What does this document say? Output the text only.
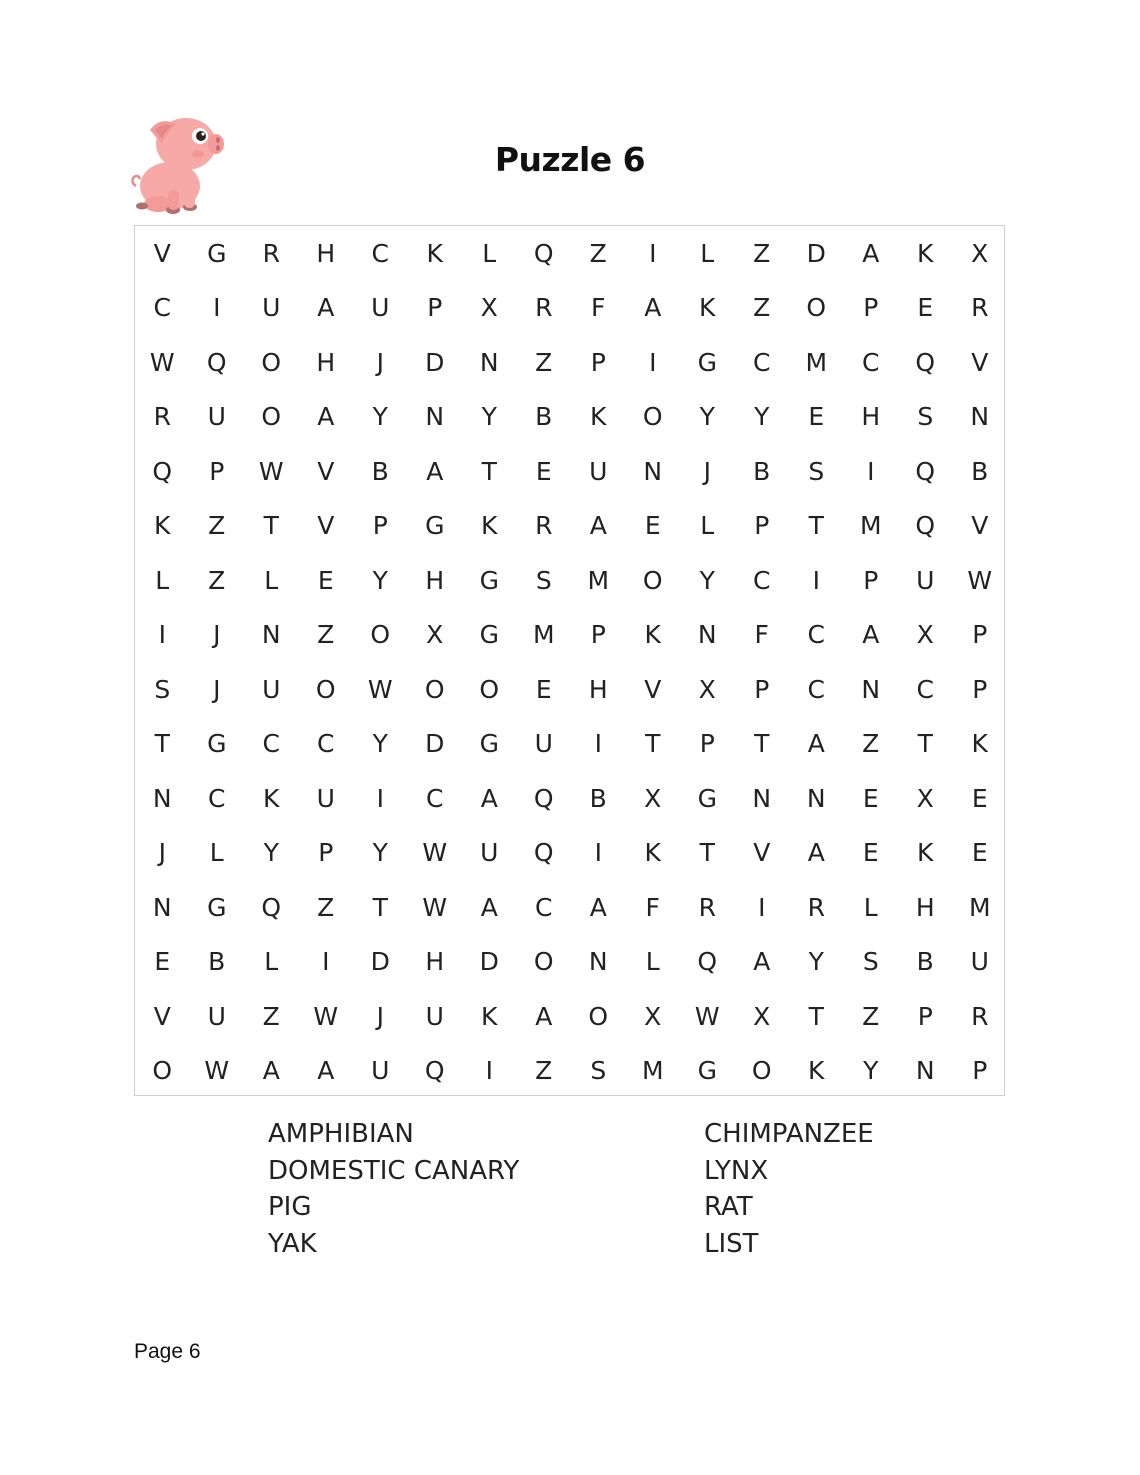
Puzzle 6
V	G	R	H	C	K	L	Q	Z	I	L	Z	D	A	K	X
C	I	U	A	U	P	X	R	F	A	K	Z	O	P	E	R
W	Q	O	H	J	D	N	Z	P	I	G	C	M	C	Q	V
R	U	O	A	Y	N	Y	B	K	O	Y	Y	E	H	S	N
Q	P	W	V	B	A	T	E	U	N	J	B	S	I	Q	B
K	Z	T	V	P	G	K	R	A	E	L	P	T	M	Q	V
L	Z	L	E	Y	H	G	S	M	O	Y	C	I	P	U	W
I	J	N	Z	O	X	G	M	P	K	N	F	C	A	X	P
S	J	U	O	W	O	O	E	H	V	X	P	C	N	C	P
T	G	C	C	Y	D	G	U	I	T	P	T	A	Z	T	K
N	C	K	U	I	C	A	Q	B	X	G	N	N	E	X	E
J	L	Y	P	Y	W	U	Q	I	K	T	V	A	E	K	E
N	G	Q	Z	T	W	A	C	A	F	R	I	R	L	H	M
E	B	L	I	D	H	D	O	N	L	Q	A	Y	S	B	U
V	U	Z	W	J	U	K	A	O	X	W	X	T	Z	P	R
O	W	A	A	U	Q	I	Z	S	M	G	O	K	Y	N	P
AMPHIBIAN
DOMESTIC CANARY
PIG
YAK
CHIMPANZEE
LYNX
RAT
LIST
Page 6
